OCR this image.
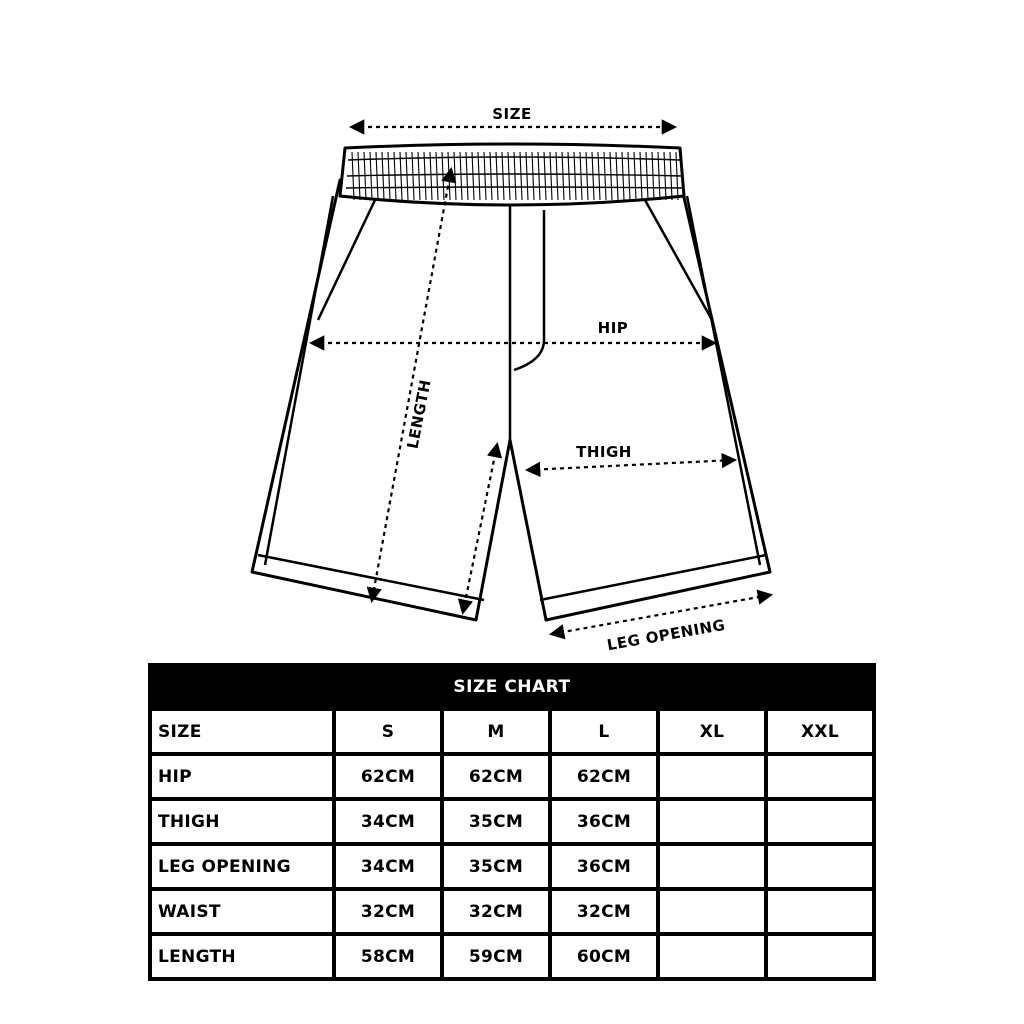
SIZE
HIP
THIGH
LENGTH
LEG OPENING
SIZE CHART
SIZE	S	M	L	XL	XXL
HIP	62CM	62CM	62CM
THIGH	34CM	35CM	36CM
LEG OPENING	34CM	35CM	36CM
WAIST	32CM	32CM	32CM
LENGTH	58CM	59CM	60CM
